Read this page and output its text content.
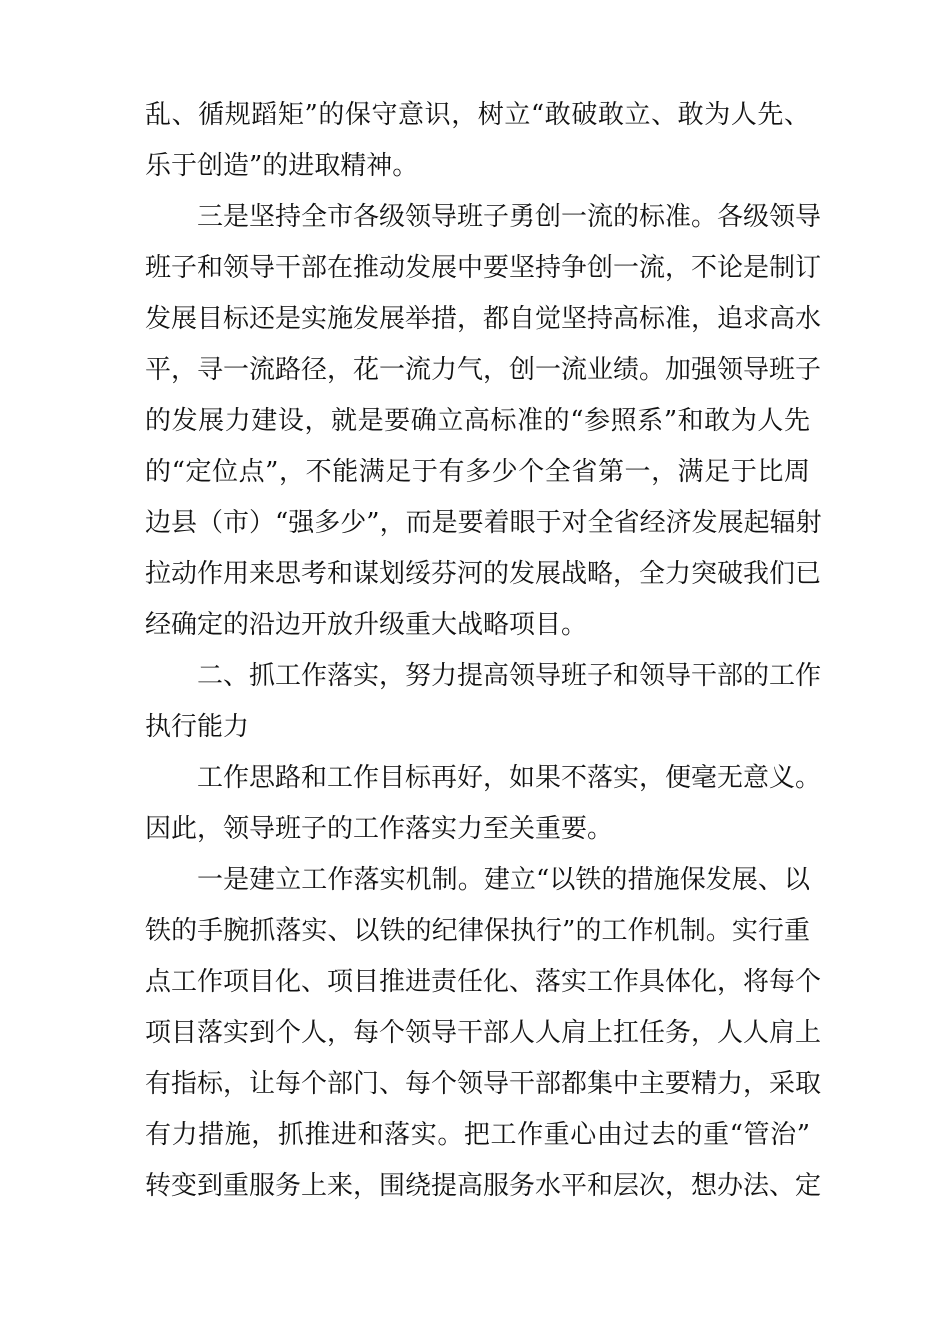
乱、循规蹈矩”的保守意识，树立“敢破敢立、敢为人先、
乐于创造”的进取精神。
三是坚持全市各级领导班子勇创一流的标准。各级领导
班子和领导干部在推动发展中要坚持争创一流，不论是制订
发展目标还是实施发展举措，都自觉坚持高标准，追求高水
平，寻一流路径，花一流力气，创一流业绩。加强领导班子
的发展力建设，就是要确立高标准的“参照系”和敢为人先
的“定位点”，不能满足于有多少个全省第一，满足于比周
边县（市）“强多少”，而是要着眼于对全省经济发展起辐射
拉动作用来思考和谋划绥芬河的发展战略，全力突破我们已
经确定的沿边开放升级重大战略项目。
二、抓工作落实，努力提高领导班子和领导干部的工作
执行能力
工作思路和工作目标再好，如果不落实，便毫无意义。
因此，领导班子的工作落实力至关重要。
一是建立工作落实机制。建立“以铁的措施保发展、以
铁的手腕抓落实、以铁的纪律保执行”的工作机制。实行重
点工作项目化、项目推进责任化、落实工作具体化，将每个
项目落实到个人，每个领导干部人人肩上扛任务，人人肩上
有指标，让每个部门、每个领导干部都集中主要精力，采取
有力措施，抓推进和落实。把工作重心由过去的重“管治”
转变到重服务上来，围绕提高服务水平和层次，想办法、定
